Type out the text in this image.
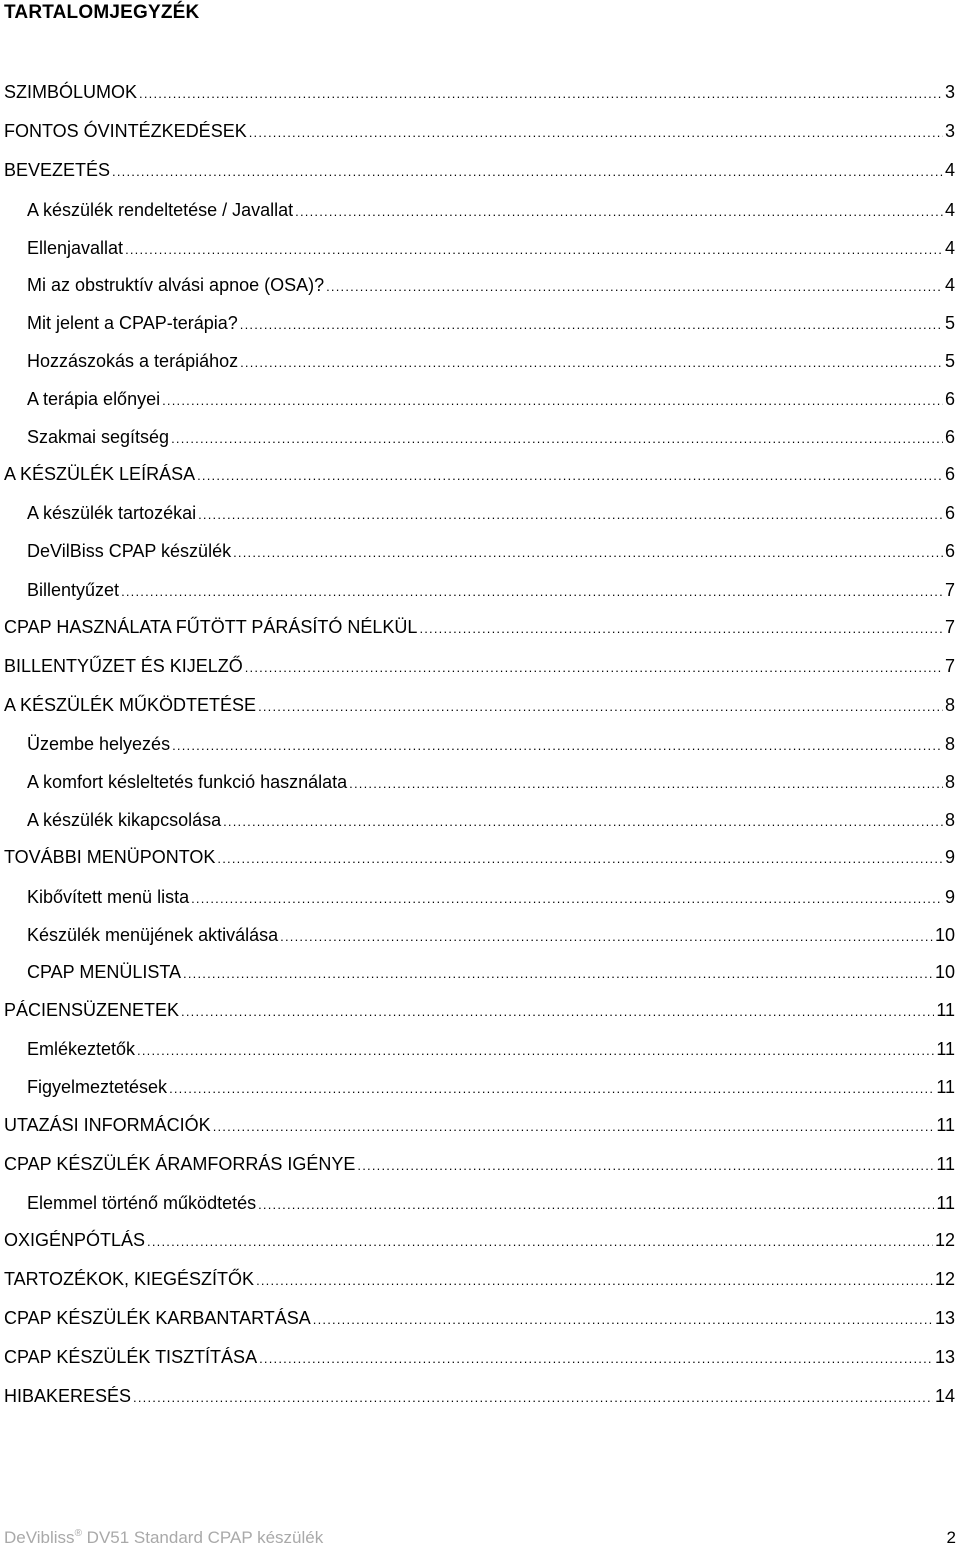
TARTALOMJEGYZÉK
SZIMBÓLUMOK .....	3
FONTOS ÓVINTÉZKEDÉSEK .....	3
BEVEZETÉS .....	4
A készülék rendeltetése / Javallat .....	4
Ellenjavallat .....	4
Mi az obstruktív alvási apnoe (OSA)? .....	4
Mit jelent a CPAP-terápia? .....	5
Hozzászokás a terápiához .....	5
A terápia előnyei .....	6
Szakmai segítség .....	6
A KÉSZÜLÉK LEÍRÁSA .....	6
A készülék tartozékai .....	6
DeVilBiss CPAP készülék .....	6
Billentyűzet .....	7
CPAP HASZNÁLATA FŰTÖTT PÁRÁSÍTÓ NÉLKÜL .....	7
BILLENTYŰZET ÉS KIJELZŐ .....	7
A KÉSZÜLÉK MŰKÖDTETÉSE .....	8
Üzembe helyezés .....	8
A komfort késleltetés funkció használata .....	8
A készülék kikapcsolása .....	8
TOVÁBBI MENÜPONTOK .....	9
Kibővített menü lista .....	9
Készülék menüjének aktiválása .....	10
CPAP MENÜLISTA .....	10
PÁCIENSÜZENETEK .....	11
Emlékeztetők .....	11
Figyelmeztetések .....	11
UTAZÁSI INFORMÁCIÓK .....	11
CPAP KÉSZÜLÉK ÁRAMFORRÁS IGÉNYE .....	11
Elemmel történő működtetés .....	11
OXIGÉNPÓTLÁS .....	12
TARTOZÉKOK, KIEGÉSZÍTŐK .....	12
CPAP KÉSZÜLÉK KARBANTARTÁSA .....	13
CPAP KÉSZÜLÉK TISZTÍTÁSA .....	13
HIBAKERESÉS .....	14
DeVibliss® DV51 Standard CPAP készülék	2
